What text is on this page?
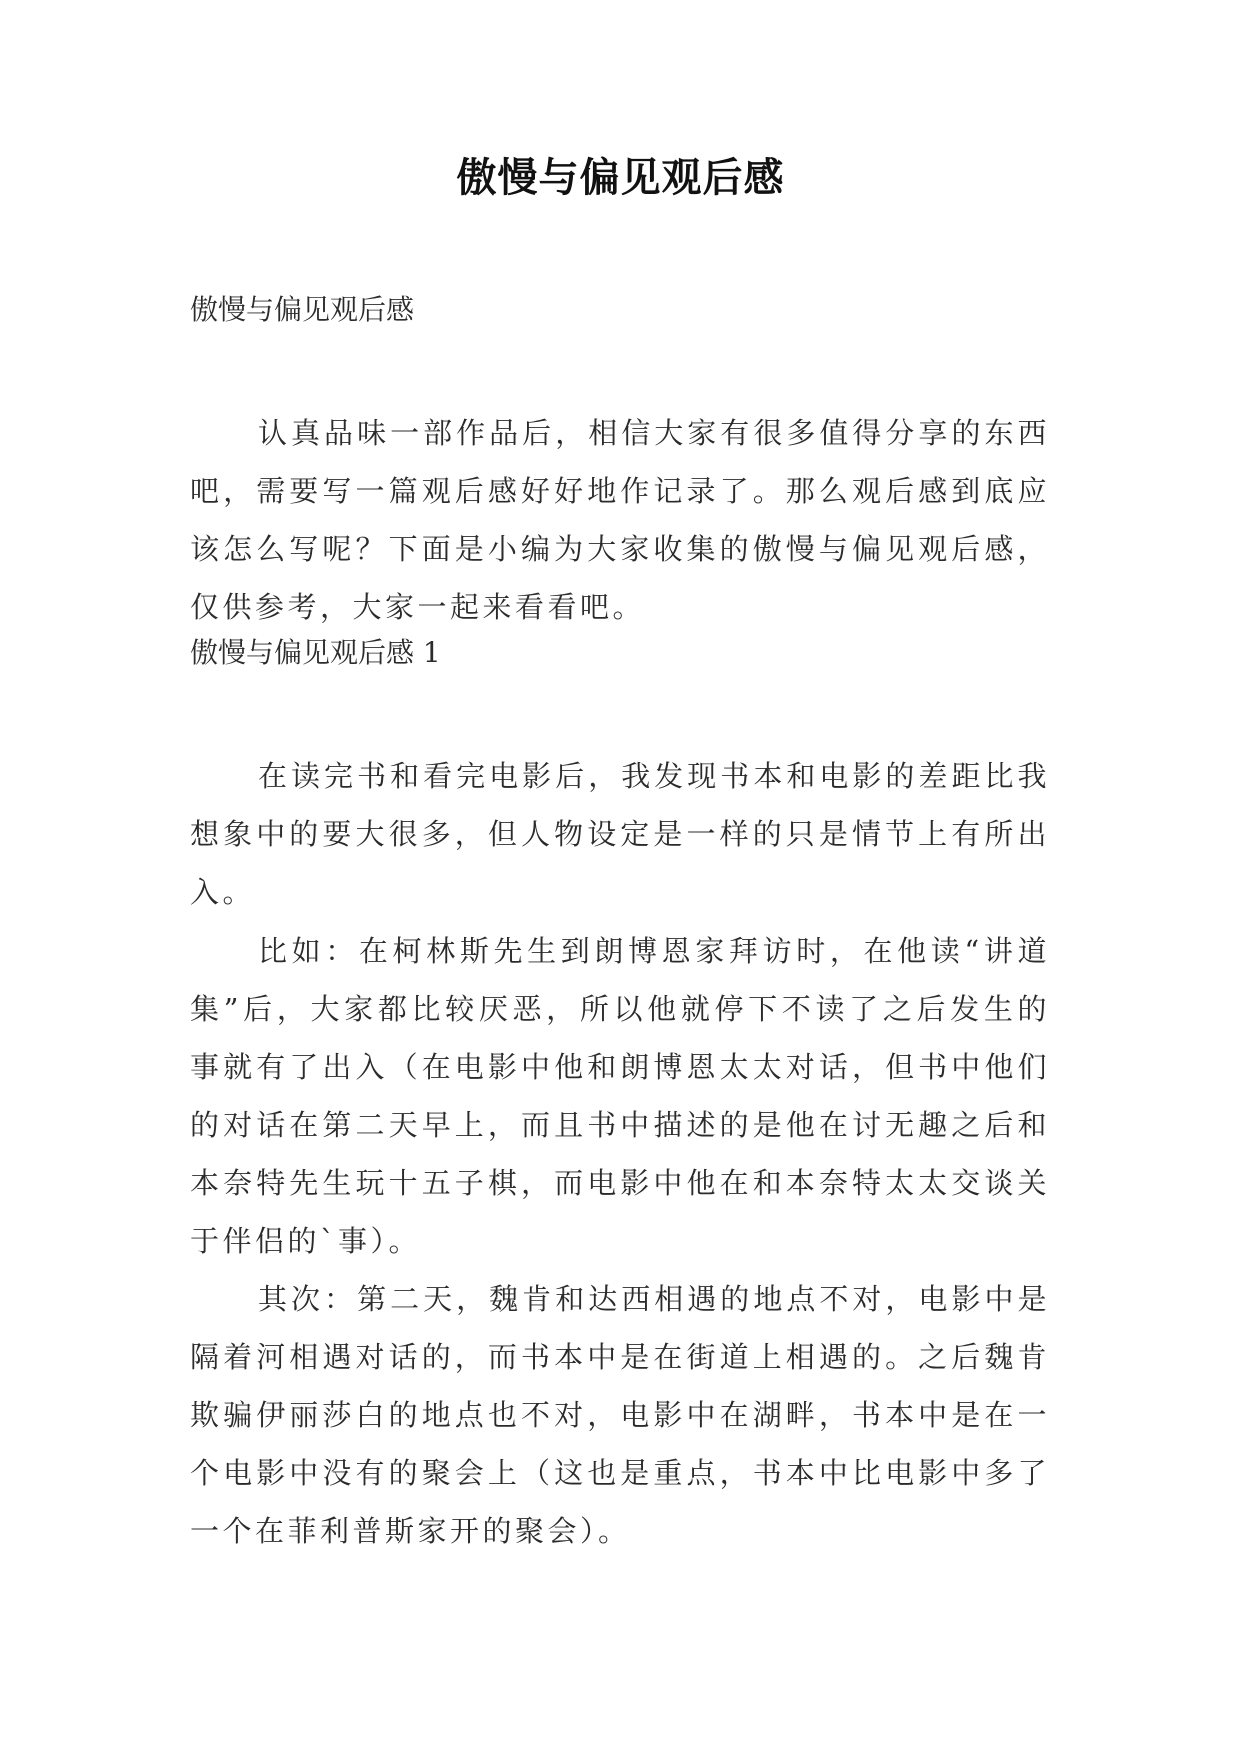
傲慢与偏见观后感
傲慢与偏见观后感

认真品味一部作品后，相信大家有很多值得分享的东西吧，需要写一篇观后感好好地作记录了。那么观后感到底应该怎么写呢？下面是小编为大家收集的傲慢与偏见观后感，仅供参考，大家一起来看看吧。

傲慢与偏见观后感 1

在读完书和看完电影后，我发现书本和电影的差距比我想象中的要大很多，但人物设定是一样的只是情节上有所出入。

比如：在柯林斯先生到朗博恩家拜访时，在他读“讲道集”后，大家都比较厌恶，所以他就停下不读了之后发生的事就有了出入（在电影中他和朗博恩太太对话，但书中他们的对话在第二天早上，而且书中描述的是他在讨无趣之后和本奈特先生玩十五子棋，而电影中他在和本奈特太太交谈关于伴侣的`事）。

其次：第二天，魏肯和达西相遇的地点不对，电影中是隔着河相遇对话的，而书本中是在街道上相遇的。之后魏肯欺骗伊丽莎白的地点也不对，电影中在湖畔，书本中是在一个电影中没有的聚会上（这也是重点，书本中比电影中多了一个在菲利普斯家开的聚会）。
